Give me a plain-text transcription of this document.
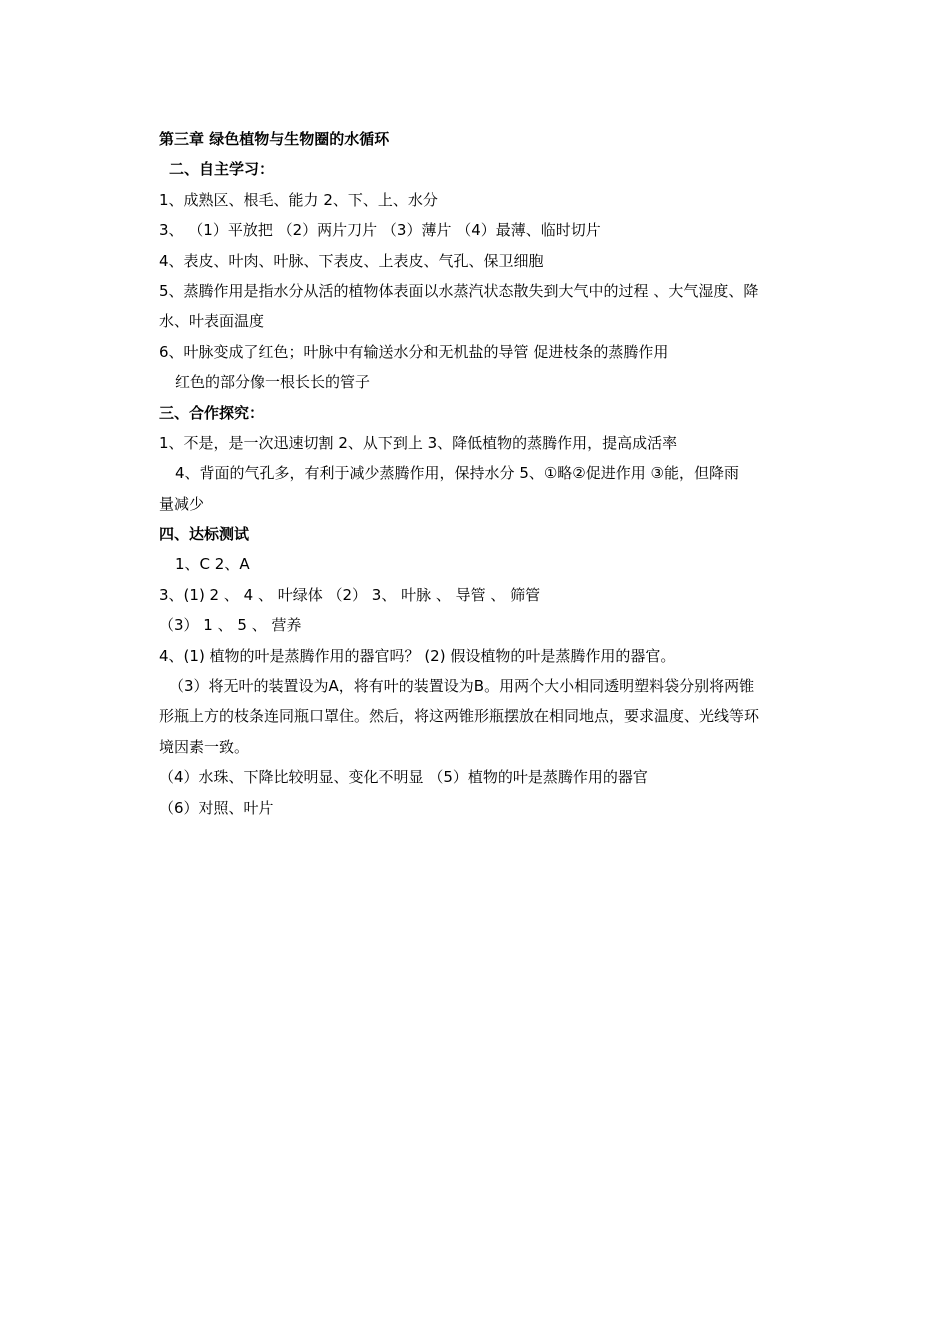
第三章 绿色植物与生物圈的水循环
二、自主学习：
1、成熟区、根毛、能力 2、下、上、水分
3、 （1）平放把 （2）两片刀片 （3）薄片 （4）最薄、临时切片
4、表皮、叶肉、叶脉、下表皮、上表皮、气孔、保卫细胞
5、蒸腾作用是指水分从活的植物体表面以水蒸汽状态散失到大气中的过程 、大气湿度、降
水、叶表面温度
6、叶脉变成了红色；叶脉中有输送水分和无机盐的导管 促进枝条的蒸腾作用
红色的部分像一根长长的管子
三、合作探究：
1、不是，是一次迅速切割 2、从下到上 3、降低植物的蒸腾作用，提高成活率
4、背面的气孔多，有利于减少蒸腾作用，保持水分 5、①略②促进作用 ③能，但降雨
量减少
四、达标测试
1、C 2、A
3、(1) 2 、 4 、 叶绿体 （2） 3、 叶脉 、 导管 、 筛管
（3） 1 、 5 、 营养
4、(1) 植物的叶是蒸腾作用的器官吗？ (2) 假设植物的叶是蒸腾作用的器官。
（3）将无叶的装置设为A，将有叶的装置设为B。用两个大小相同透明塑料袋分别将两锥
形瓶上方的枝条连同瓶口罩住。然后，将这两锥形瓶摆放在相同地点，要求温度、光线等环
境因素一致。
（4）水珠、下降比较明显、变化不明显 （5）植物的叶是蒸腾作用的器官
（6）对照、叶片
